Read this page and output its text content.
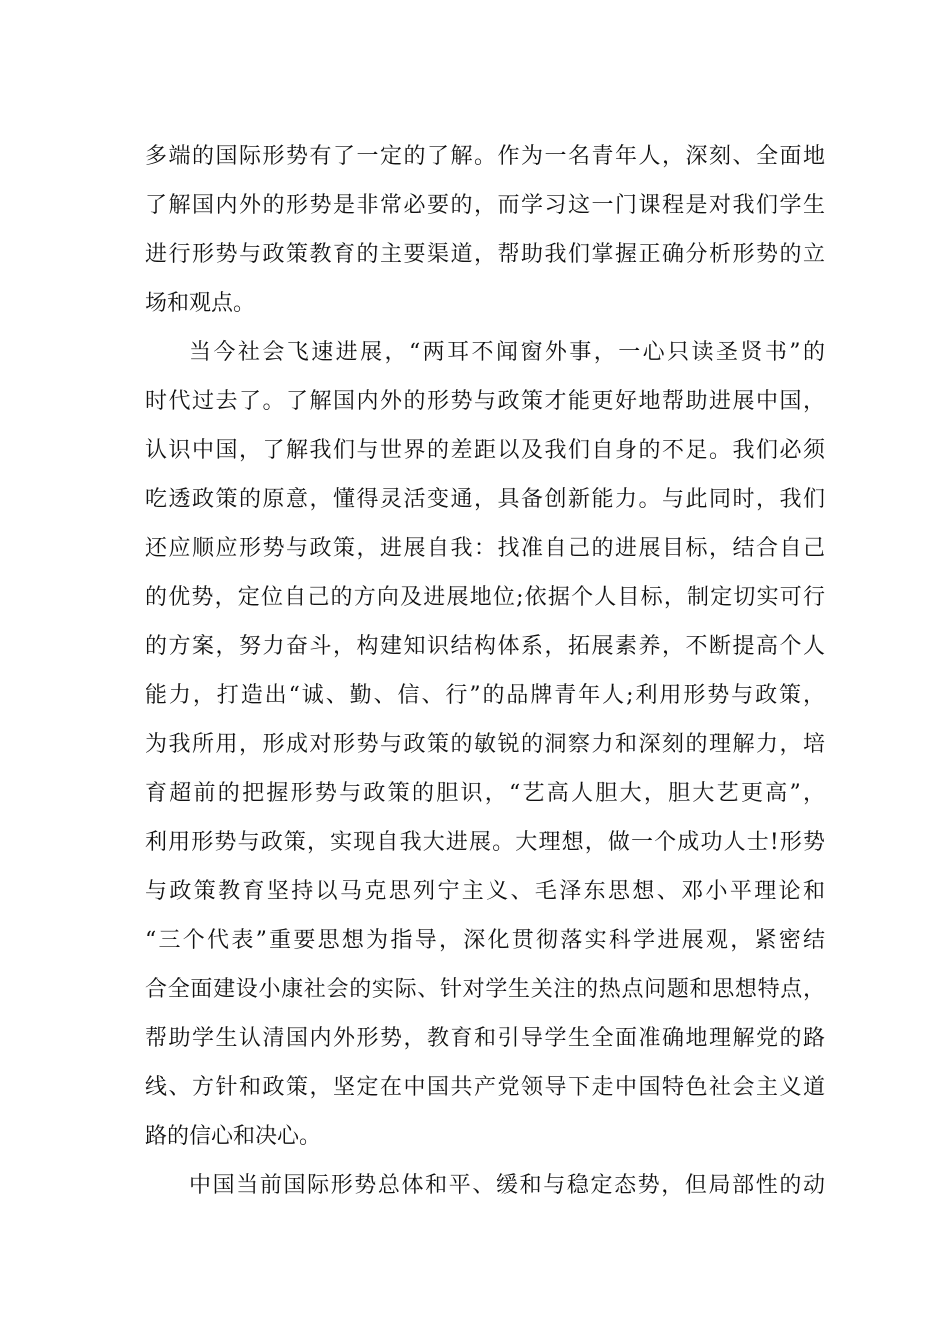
多端的国际形势有了一定的了解。作为一名青年人，深刻、全面地
了解国内外的形势是非常必要的，而学习这一门课程是对我们学生
进行形势与政策教育的主要渠道，帮助我们掌握正确分析形势的立
场和观点。
当今社会飞速进展，“两耳不闻窗外事，一心只读圣贤书”的
时代过去了。了解国内外的形势与政策才能更好地帮助进展中国，
认识中国，了解我们与世界的差距以及我们自身的不足。我们必须
吃透政策的原意，懂得灵活变通，具备创新能力。与此同时，我们
还应顺应形势与政策，进展自我：找准自己的进展目标，结合自己
的优势，定位自己的方向及进展地位;依据个人目标，制定切实可行
的方案，努力奋斗，构建知识结构体系，拓展素养，不断提高个人
能力，打造出“诚、勤、信、行”的品牌青年人;利用形势与政策，
为我所用，形成对形势与政策的敏锐的洞察力和深刻的理解力，培
育超前的把握形势与政策的胆识，“艺高人胆大，胆大艺更高”，
利用形势与政策，实现自我大进展。大理想，做一个成功人士!形势
与政策教育坚持以马克思列宁主义、毛泽东思想、邓小平理论和
“三个代表”重要思想为指导，深化贯彻落实科学进展观，紧密结
合全面建设小康社会的实际、针对学生关注的热点问题和思想特点，
帮助学生认清国内外形势，教育和引导学生全面准确地理解党的路
线、方针和政策，坚定在中国共产党领导下走中国特色社会主义道
路的信心和决心。
中国当前国际形势总体和平、缓和与稳定态势，但局部性的动
